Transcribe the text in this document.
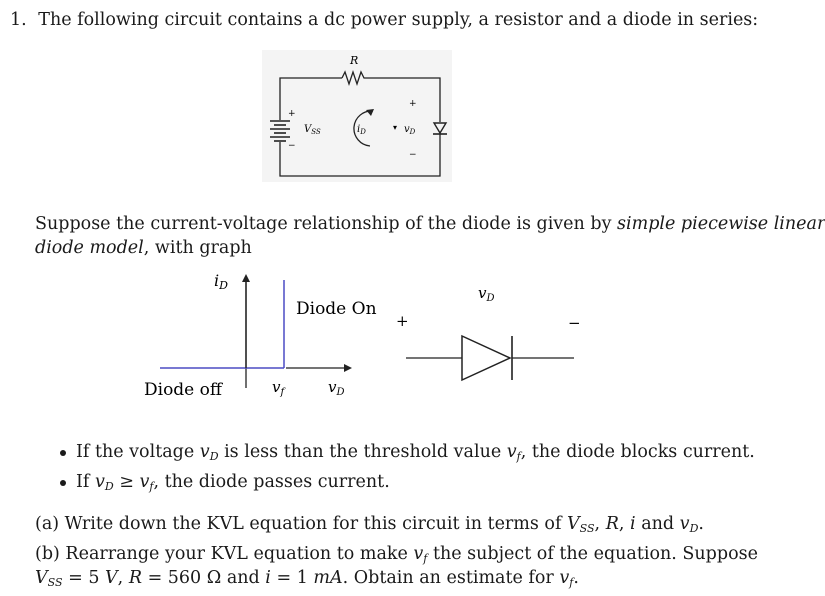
1. The following circuit contains a dc power supply, a resistor and a diode in series:
R
+
−
$V_{SS}$	$i_D$	▾
+
$v_D$
−
Suppose the current-voltage relationship of the diode is given by simple piecewise linear
diode model, with graph
iD
Diode On
Diode off	$v_f$	$v_D$
$v_D$
+	−
If the voltage $v_D$ is less than the threshold value $v_f$, the diode blocks current.
If $v_D \ge v_f$, the diode passes current.
(a) Write down the KVL equation for this circuit in terms of $V_{SS}$, R, i and $v_D$.
(b) Rearrange your KVL equation to make $v_f$ the subject of the equation. Suppose
$V_{SS} = 5$ V, R = 560 Ω and i = 1 mA. Obtain an estimate for $v_f$.
